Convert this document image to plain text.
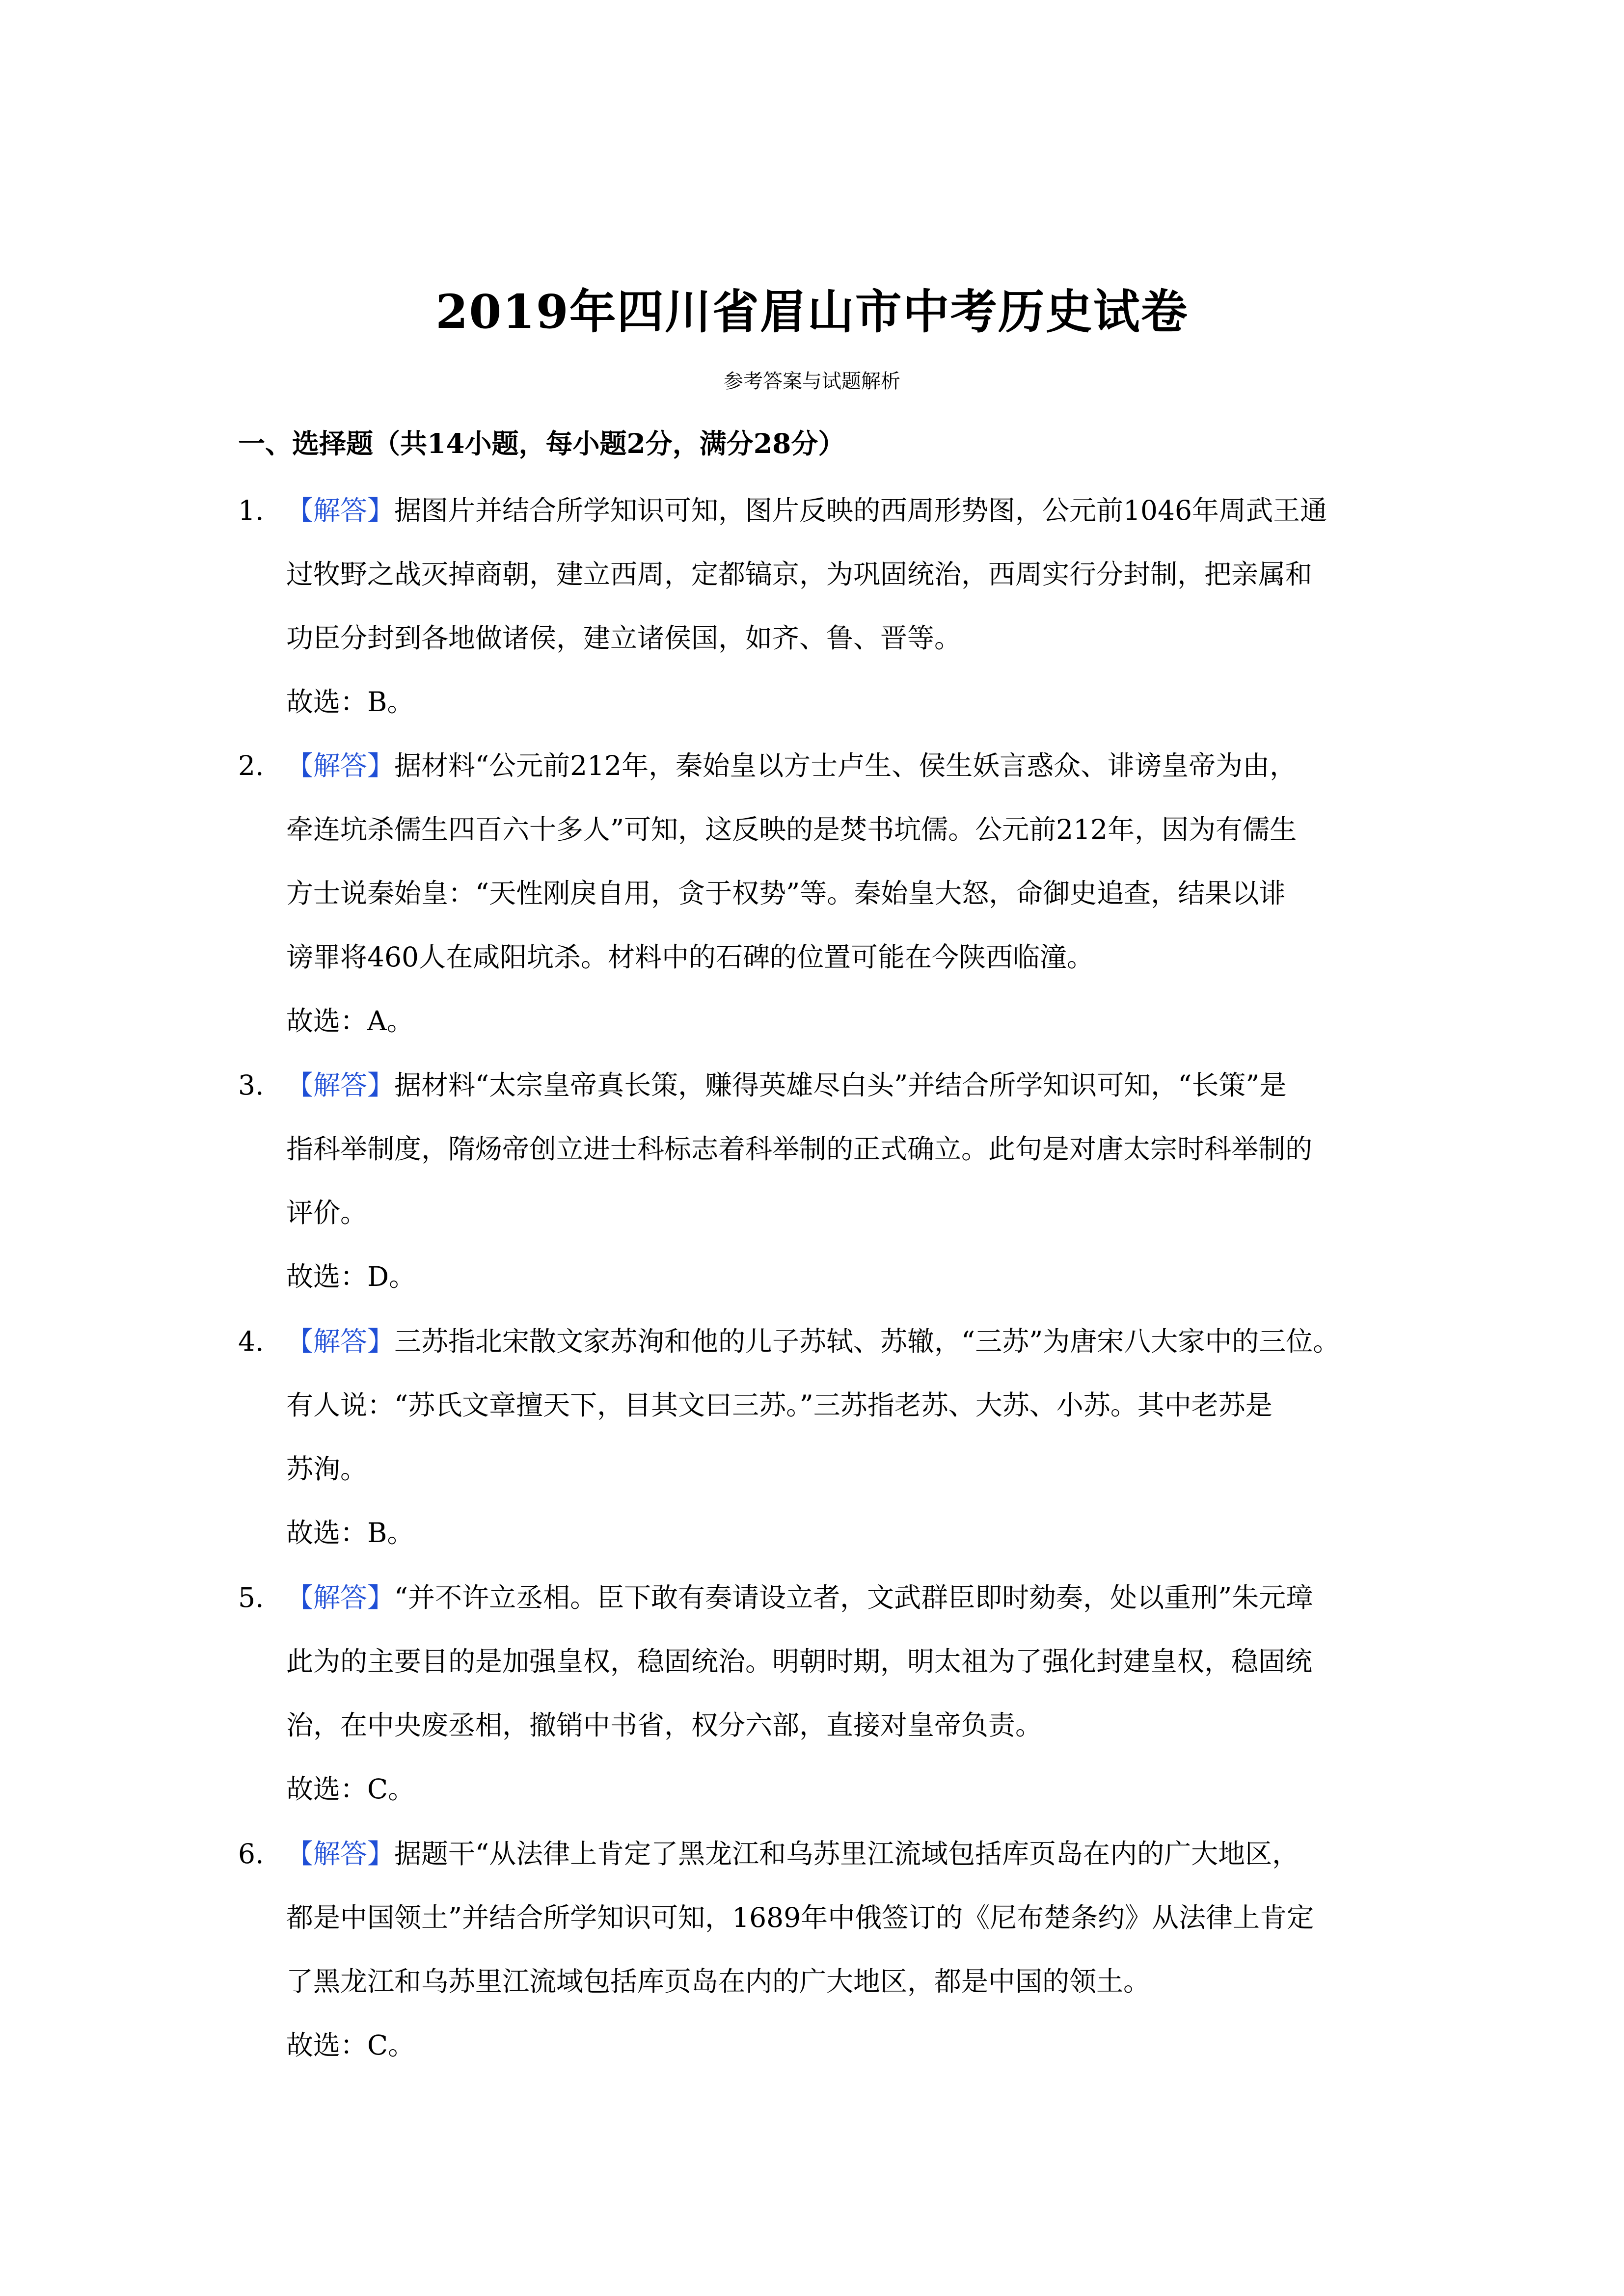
2019年四川省眉山市中考历史试卷
参考答案与试题解析
一、选择题（共14小题，每小题2分，满分28分）
1. 【解答】据图片并结合所学知识可知，图片反映的西周形势图，公元前1046年周武王通
过牧野之战灭掉商朝，建立西周，定都镐京，为巩固统治，西周实行分封制，把亲属和
功臣分封到各地做诸侯，建立诸侯国，如齐、鲁、晋等。
故选：B。
2. 【解答】据材料“公元前212年，秦始皇以方士卢生、侯生妖言惑众、诽谤皇帝为由，
牵连坑杀儒生四百六十多人”可知，这反映的是焚书坑儒。公元前212年，因为有儒生
方士说秦始皇：“天性刚戾自用，贪于权势”等。秦始皇大怒，命御史追查，结果以诽
谤罪将460人在咸阳坑杀。材料中的石碑的位置可能在今陕西临潼。
故选：A。
3. 【解答】据材料“太宗皇帝真长策，赚得英雄尽白头”并结合所学知识可知，“长策”是
指科举制度，隋炀帝创立进士科标志着科举制的正式确立。此句是对唐太宗时科举制的
评价。
故选：D。
4. 【解答】三苏指北宋散文家苏洵和他的儿子苏轼、苏辙，“三苏”为唐宋八大家中的三位。
有人说：“苏氏文章擅天下，目其文曰三苏。”三苏指老苏、大苏、小苏。其中老苏是
苏洵。
故选：B。
5. 【解答】“并不许立丞相。臣下敢有奏请设立者，文武群臣即时劾奏，处以重刑”朱元璋
此为的主要目的是加强皇权，稳固统治。明朝时期，明太祖为了强化封建皇权，稳固统
治，在中央废丞相，撤销中书省，权分六部，直接对皇帝负责。
故选：C。
6. 【解答】据题干“从法律上肯定了黑龙江和乌苏里江流域包括库页岛在内的广大地区，
都是中国领土”并结合所学知识可知，1689年中俄签订的《尼布楚条约》从法律上肯定
了黑龙江和乌苏里江流域包括库页岛在内的广大地区，都是中国的领土。
故选：C。
